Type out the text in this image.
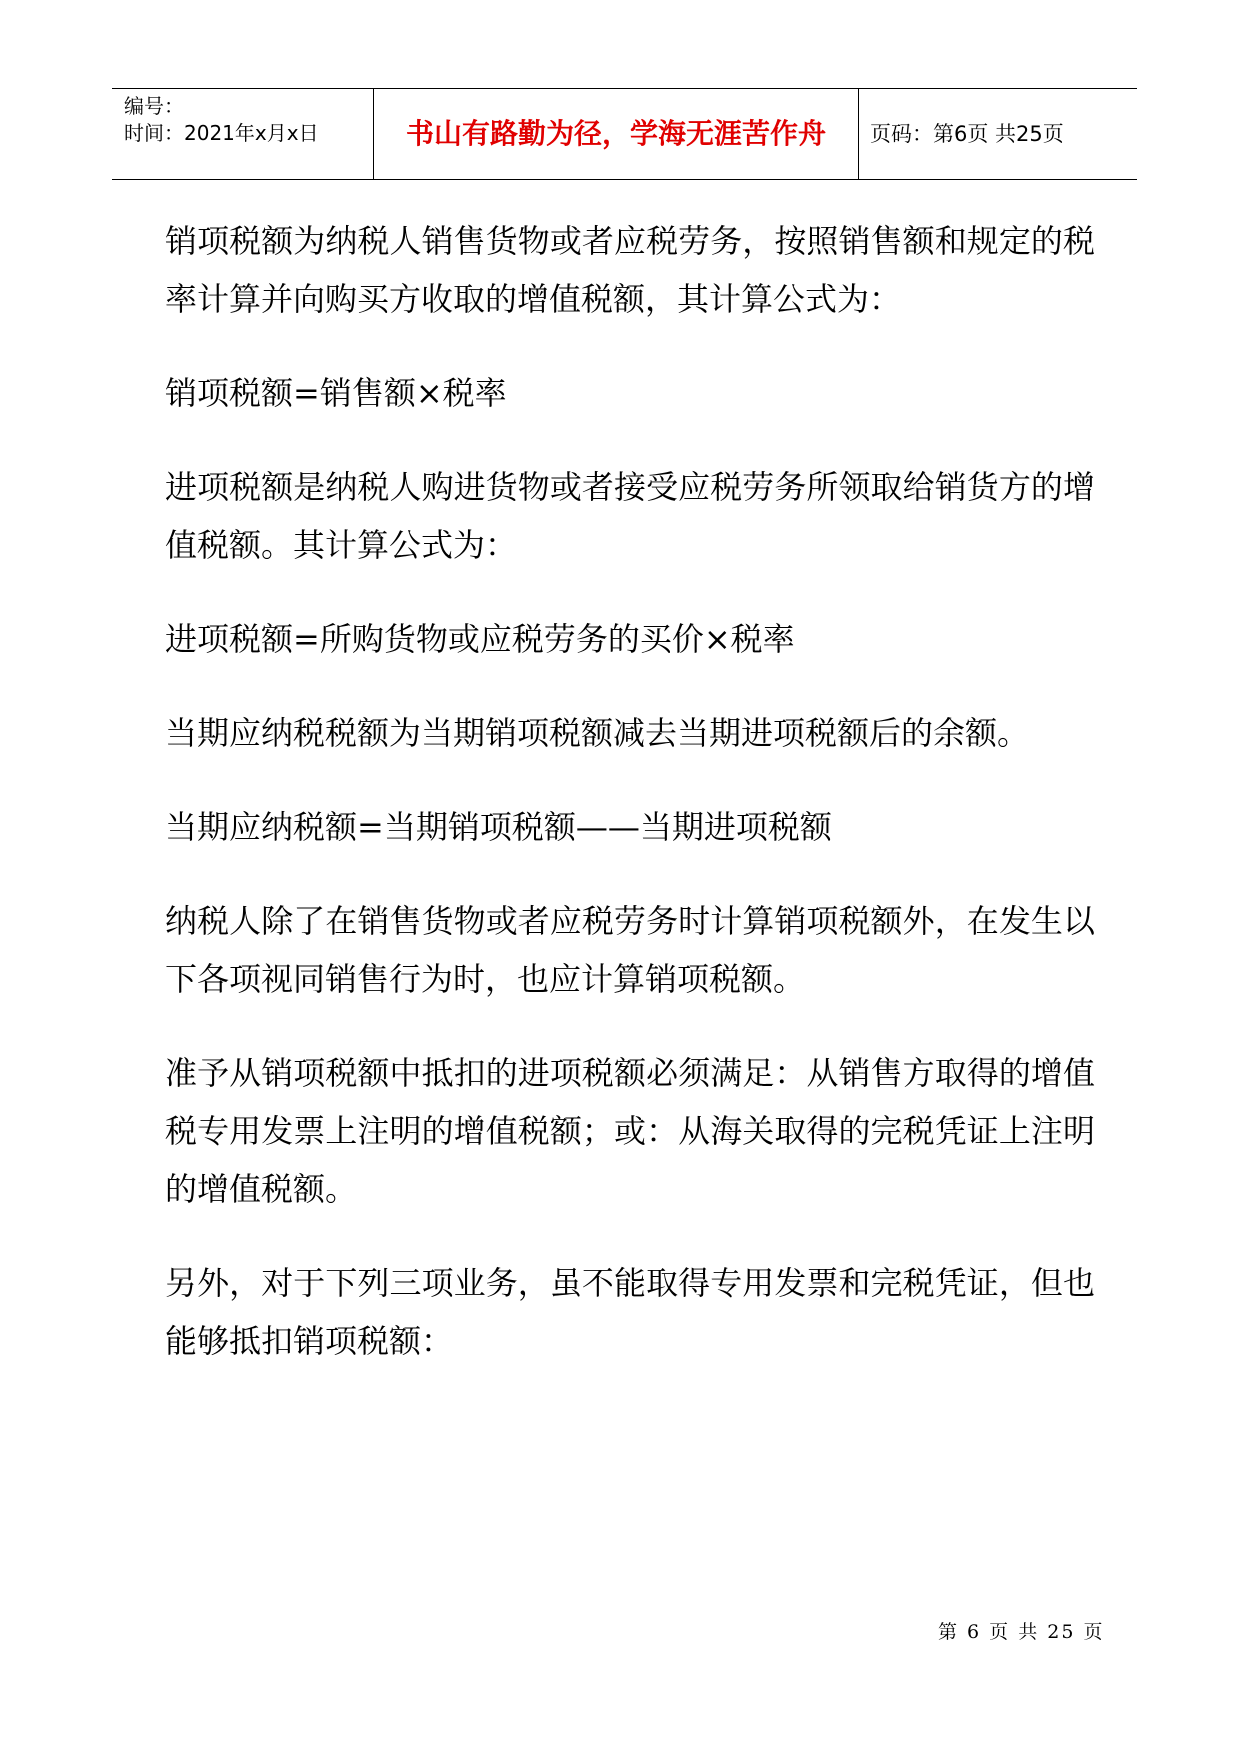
编号：
时间：2021年x月x日	书山有路勤为径，学海无涯苦作舟	页码：第6页 共25页

销项税额为纳税人销售货物或者应税劳务，按照销售额和规定的税率计算并向购买方收取的增值税额，其计算公式为：

销项税额=销售额×税率

进项税额是纳税人购进货物或者接受应税劳务所领取给销货方的增值税额。其计算公式为：

进项税额=所购货物或应税劳务的买价×税率

当期应纳税税额为当期销项税额减去当期进项税额后的余额。

当期应纳税额=当期销项税额——当期进项税额

纳税人除了在销售货物或者应税劳务时计算销项税额外，在发生以下各项视同销售行为时，也应计算销项税额。

准予从销项税额中抵扣的进项税额必须满足：从销售方取得的增值税专用发票上注明的增值税额；或：从海关取得的完税凭证上注明的增值税额。

另外，对于下列三项业务，虽不能取得专用发票和完税凭证，但也能够抵扣销项税额：

第 6 页 共 25 页
